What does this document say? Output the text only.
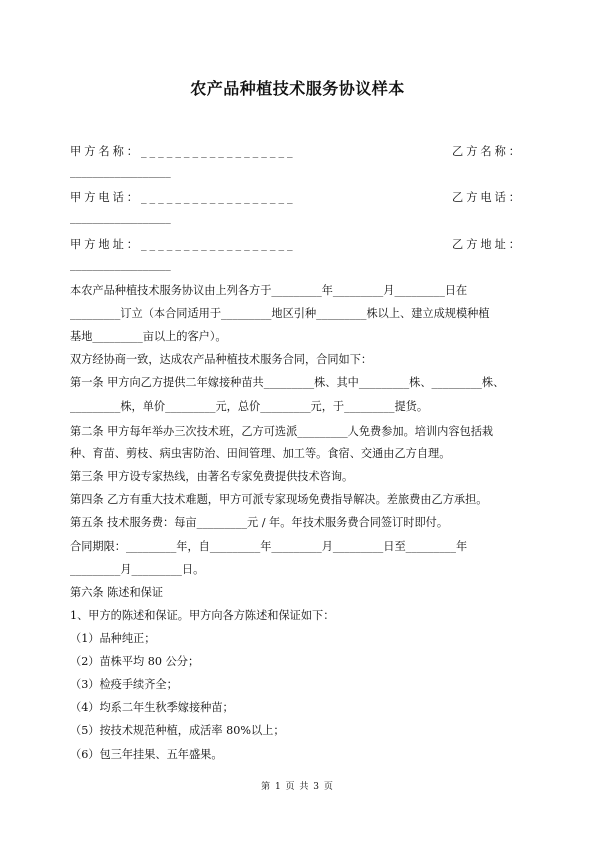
农产品种植技术服务协议样本
甲方名称：__________________	乙方名称：
__________________
甲方电话：__________________	乙方电话：
__________________
甲方地址：__________________	乙方地址：
__________________
本农产品种植技术服务协议由上列各方于_________年_________月_________日在
_________订立（本合同适用于_________地区引种_________株以上、建立成规模种植
基地_________亩以上的客户）。
双方经协商一致，达成农产品种植技术服务合同，合同如下：
第一条 甲方向乙方提供二年嫁接种苗共_________株、其中_________株、_________株、
_________株，单价_________元，总价_________元，于_________提货。
第二条 甲方每年举办三次技术班，乙方可选派_________人免费参加。培训内容包括栽
种、育苗、剪枝、病虫害防治、田间管理、加工等。食宿、交通由乙方自理。
第三条 甲方设专家热线，由著名专家免费提供技术咨询。
第四条 乙方有重大技术难题，甲方可派专家现场免费指导解决。差旅费由乙方承担。
第五条 技术服务费：每亩_________元 / 年。年技术服务费合同签订时即付。
合同期限：_________年，自_________年_________月_________日至_________年
_________月_________日。
第六条 陈述和保证
1、甲方的陈述和保证。甲方向各方陈述和保证如下：
（1）品种纯正；
（2）苗株平均 80 公分；
（3）检疫手续齐全；
（4）均系二年生秋季嫁接种苗；
（5）按技术规范种植，成活率 80%以上；
（6）包三年挂果、五年盛果。
第 1 页 共 3 页
